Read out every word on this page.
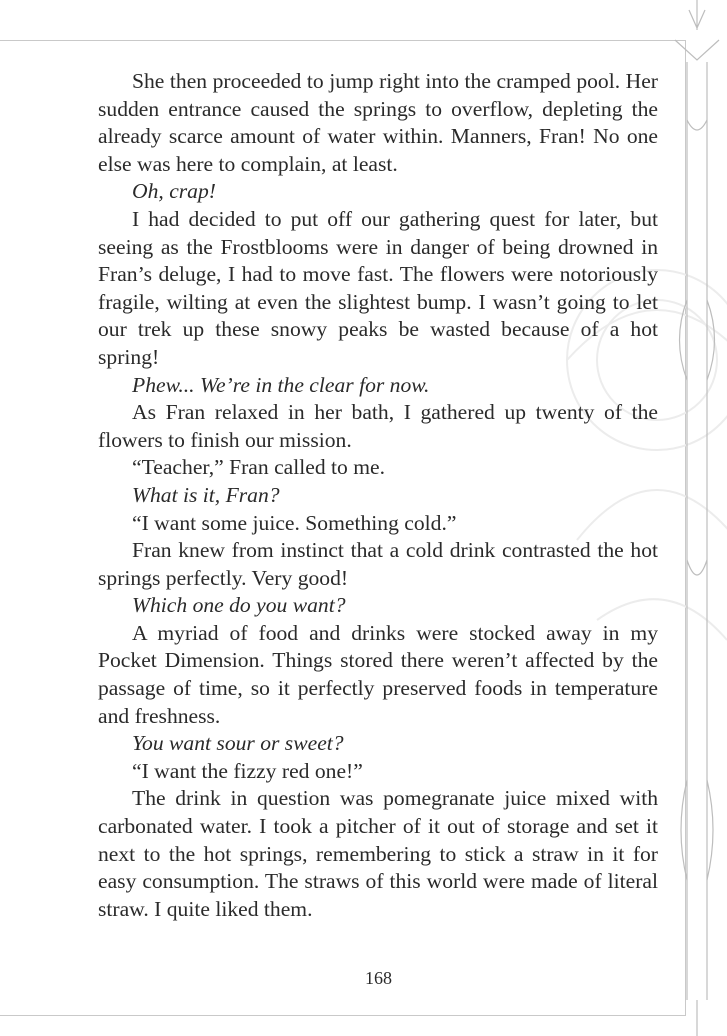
She then proceeded to jump right into the cramped pool. Her sudden entrance caused the springs to overflow, depleting the already scarce amount of water within. Manners, Fran! No one else was here to complain, at least.

Oh, crap!

I had decided to put off our gathering quest for later, but seeing as the Frostblooms were in danger of being drowned in Fran’s deluge, I had to move fast. The flowers were notoriously fragile, wilting at even the slightest bump. I wasn’t going to let our trek up these snowy peaks be wasted because of a hot spring!

Phew... We’re in the clear for now.

As Fran relaxed in her bath, I gathered up twenty of the flowers to finish our mission.

“Teacher,” Fran called to me.

What is it, Fran?

“I want some juice. Something cold.”

Fran knew from instinct that a cold drink contrasted the hot springs perfectly. Very good!

Which one do you want?

A myriad of food and drinks were stocked away in my Pocket Dimension. Things stored there weren’t affected by the passage of time, so it perfectly preserved foods in temperature and freshness.

You want sour or sweet?

“I want the fizzy red one!”

The drink in question was pomegranate juice mixed with carbonated water. I took a pitcher of it out of storage and set it next to the hot springs, remembering to stick a straw in it for easy consumption. The straws of this world were made of literal straw. I quite liked them.

168
